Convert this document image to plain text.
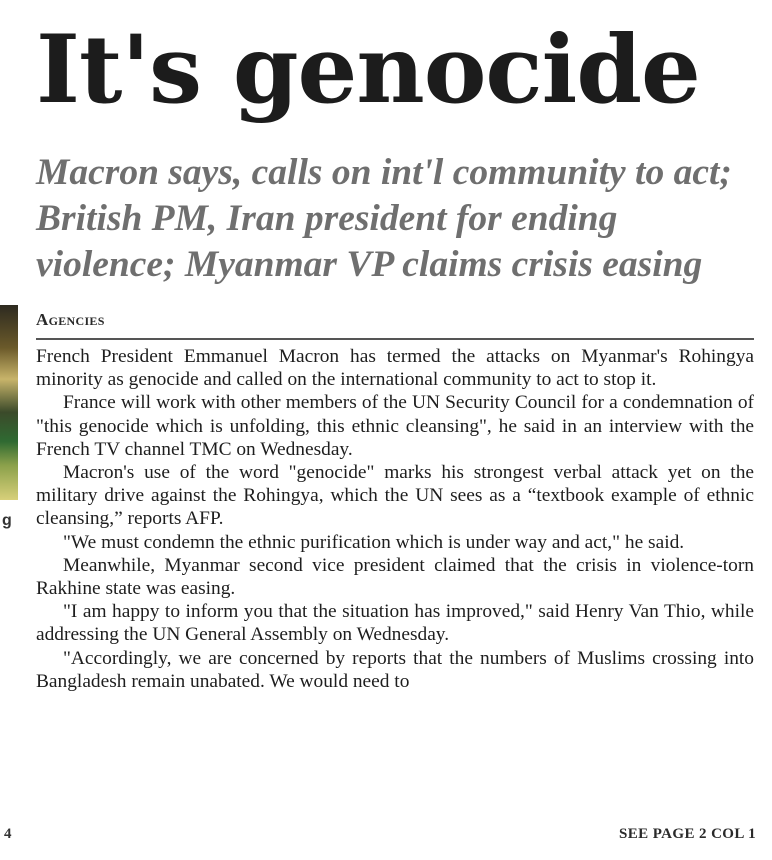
g
4
It's genocide
Macron says, calls on int'l community to act; British PM, Iran president for ending violence; Myanmar VP claims crisis easing
Agencies

French President Emmanuel Macron has termed the attacks on Myanmar's Rohingya minority as genocide and called on the international community to act to stop it.

France will work with other members of the UN Security Council for a condemnation of "this genocide which is unfolding, this ethnic cleansing", he said in an interview with the French TV channel TMC on Wednesday.

Macron's use of the word "genocide" marks his strongest verbal attack yet on the military drive against the Rohingya, which the UN sees as a “textbook example of ethnic cleansing,” reports AFP.

"We must condemn the ethnic purification which is under way and act," he said.

Meanwhile, Myanmar second vice president claimed that the crisis in violence-torn Rakhine state was easing.

"I am happy to inform you that the situation has improved," said Henry Van Thio, while addressing the UN General Assembly on Wednesday.

"Accordingly, we are concerned by reports that the numbers of Muslims crossing into Bangladesh remain unabated. We would need to

SEE PAGE 2 COL 1
